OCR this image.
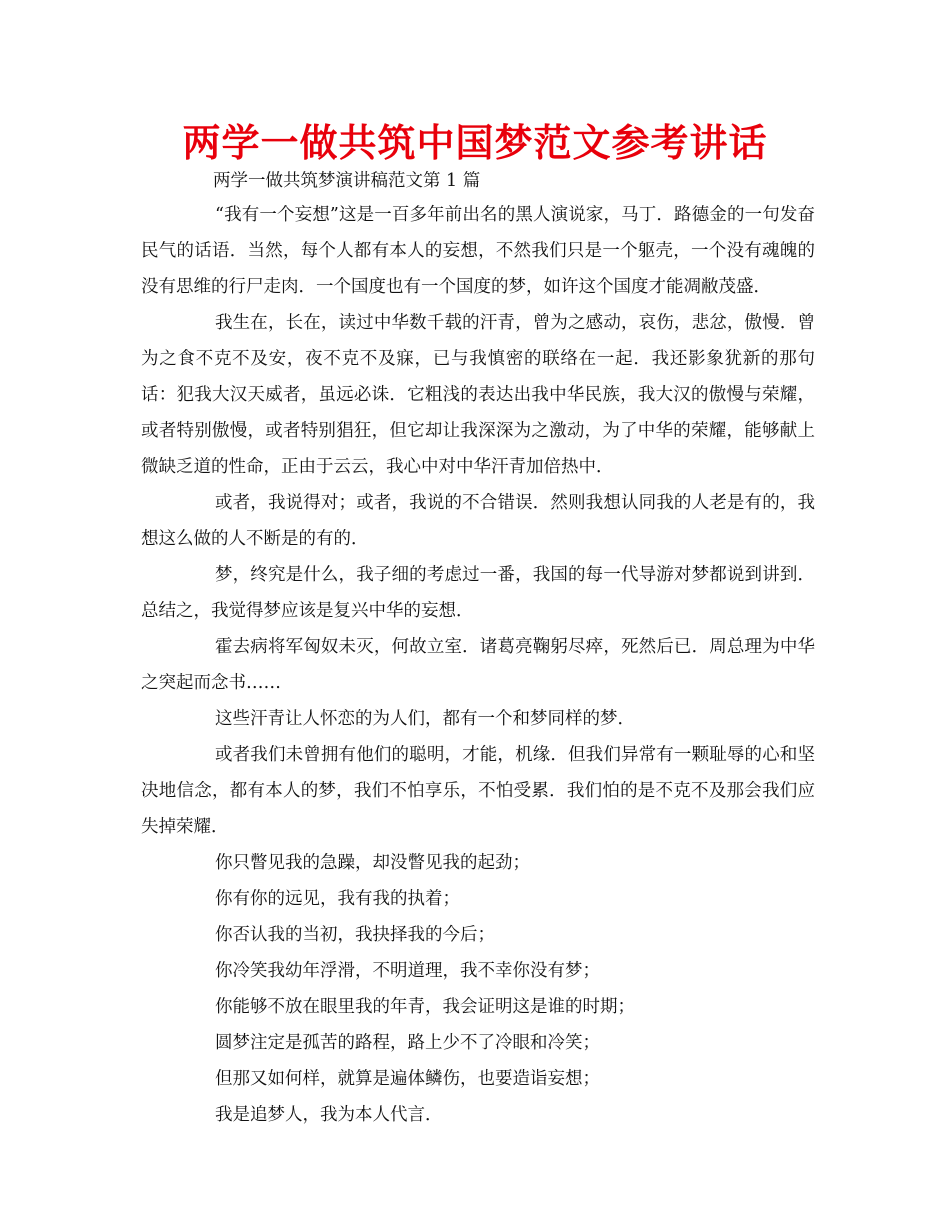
两学一做共筑中国梦范文参考讲话

两学一做共筑梦演讲稿范文第 1 篇

“我有一个妄想”这是一百多年前出名的黑人演说家，马丁．路德金的一句发奋民气的话语．当然，每个人都有本人的妄想，不然我们只是一个躯壳，一个没有魂魄的没有思维的行尸走肉．一个国度也有一个国度的梦，如许这个国度才能凋敝茂盛．

我生在，长在，读过中华数千载的汗青，曾为之感动，哀伤，悲忿，傲慢．曾为之食不克不及安，夜不克不及寐，已与我慎密的联络在一起．我还影象犹新的那句话：犯我大汉天威者，虽远必诛．它粗浅的表达出我中华民族，我大汉的傲慢与荣耀，或者特别傲慢，或者特别猖狂，但它却让我深深为之激动，为了中华的荣耀，能够献上微缺乏道的性命，正由于云云，我心中对中华汗青加倍热中．

或者，我说得对；或者，我说的不合错误．然则我想认同我的人老是有的，我想这么做的人不断是的有的．

梦，终究是什么，我子细的考虑过一番，我国的每一代导游对梦都说到讲到．总结之，我觉得梦应该是复兴中华的妄想．

霍去病将军匈奴未灭，何故立室．诸葛亮鞠躬尽瘁，死然后已．周总理为中华之突起而念书……

这些汗青让人怀恋的为人们，都有一个和梦同样的梦．

或者我们未曾拥有他们的聪明，才能，机缘．但我们异常有一颗耻辱的心和坚决地信念，都有本人的梦，我们不怕享乐，不怕受累．我们怕的是不克不及那会我们应失掉荣耀．

你只瞥见我的急躁，却没瞥见我的起劲；

你有你的远见，我有我的执着；

你否认我的当初，我抉择我的今后；

你冷笑我幼年浮滑，不明道理，我不幸你没有梦；

你能够不放在眼里我的年青，我会证明这是谁的时期；

圆梦注定是孤苦的路程，路上少不了冷眼和冷笑；

但那又如何样，就算是遍体鳞伤，也要造诣妄想；

我是追梦人，我为本人代言．
